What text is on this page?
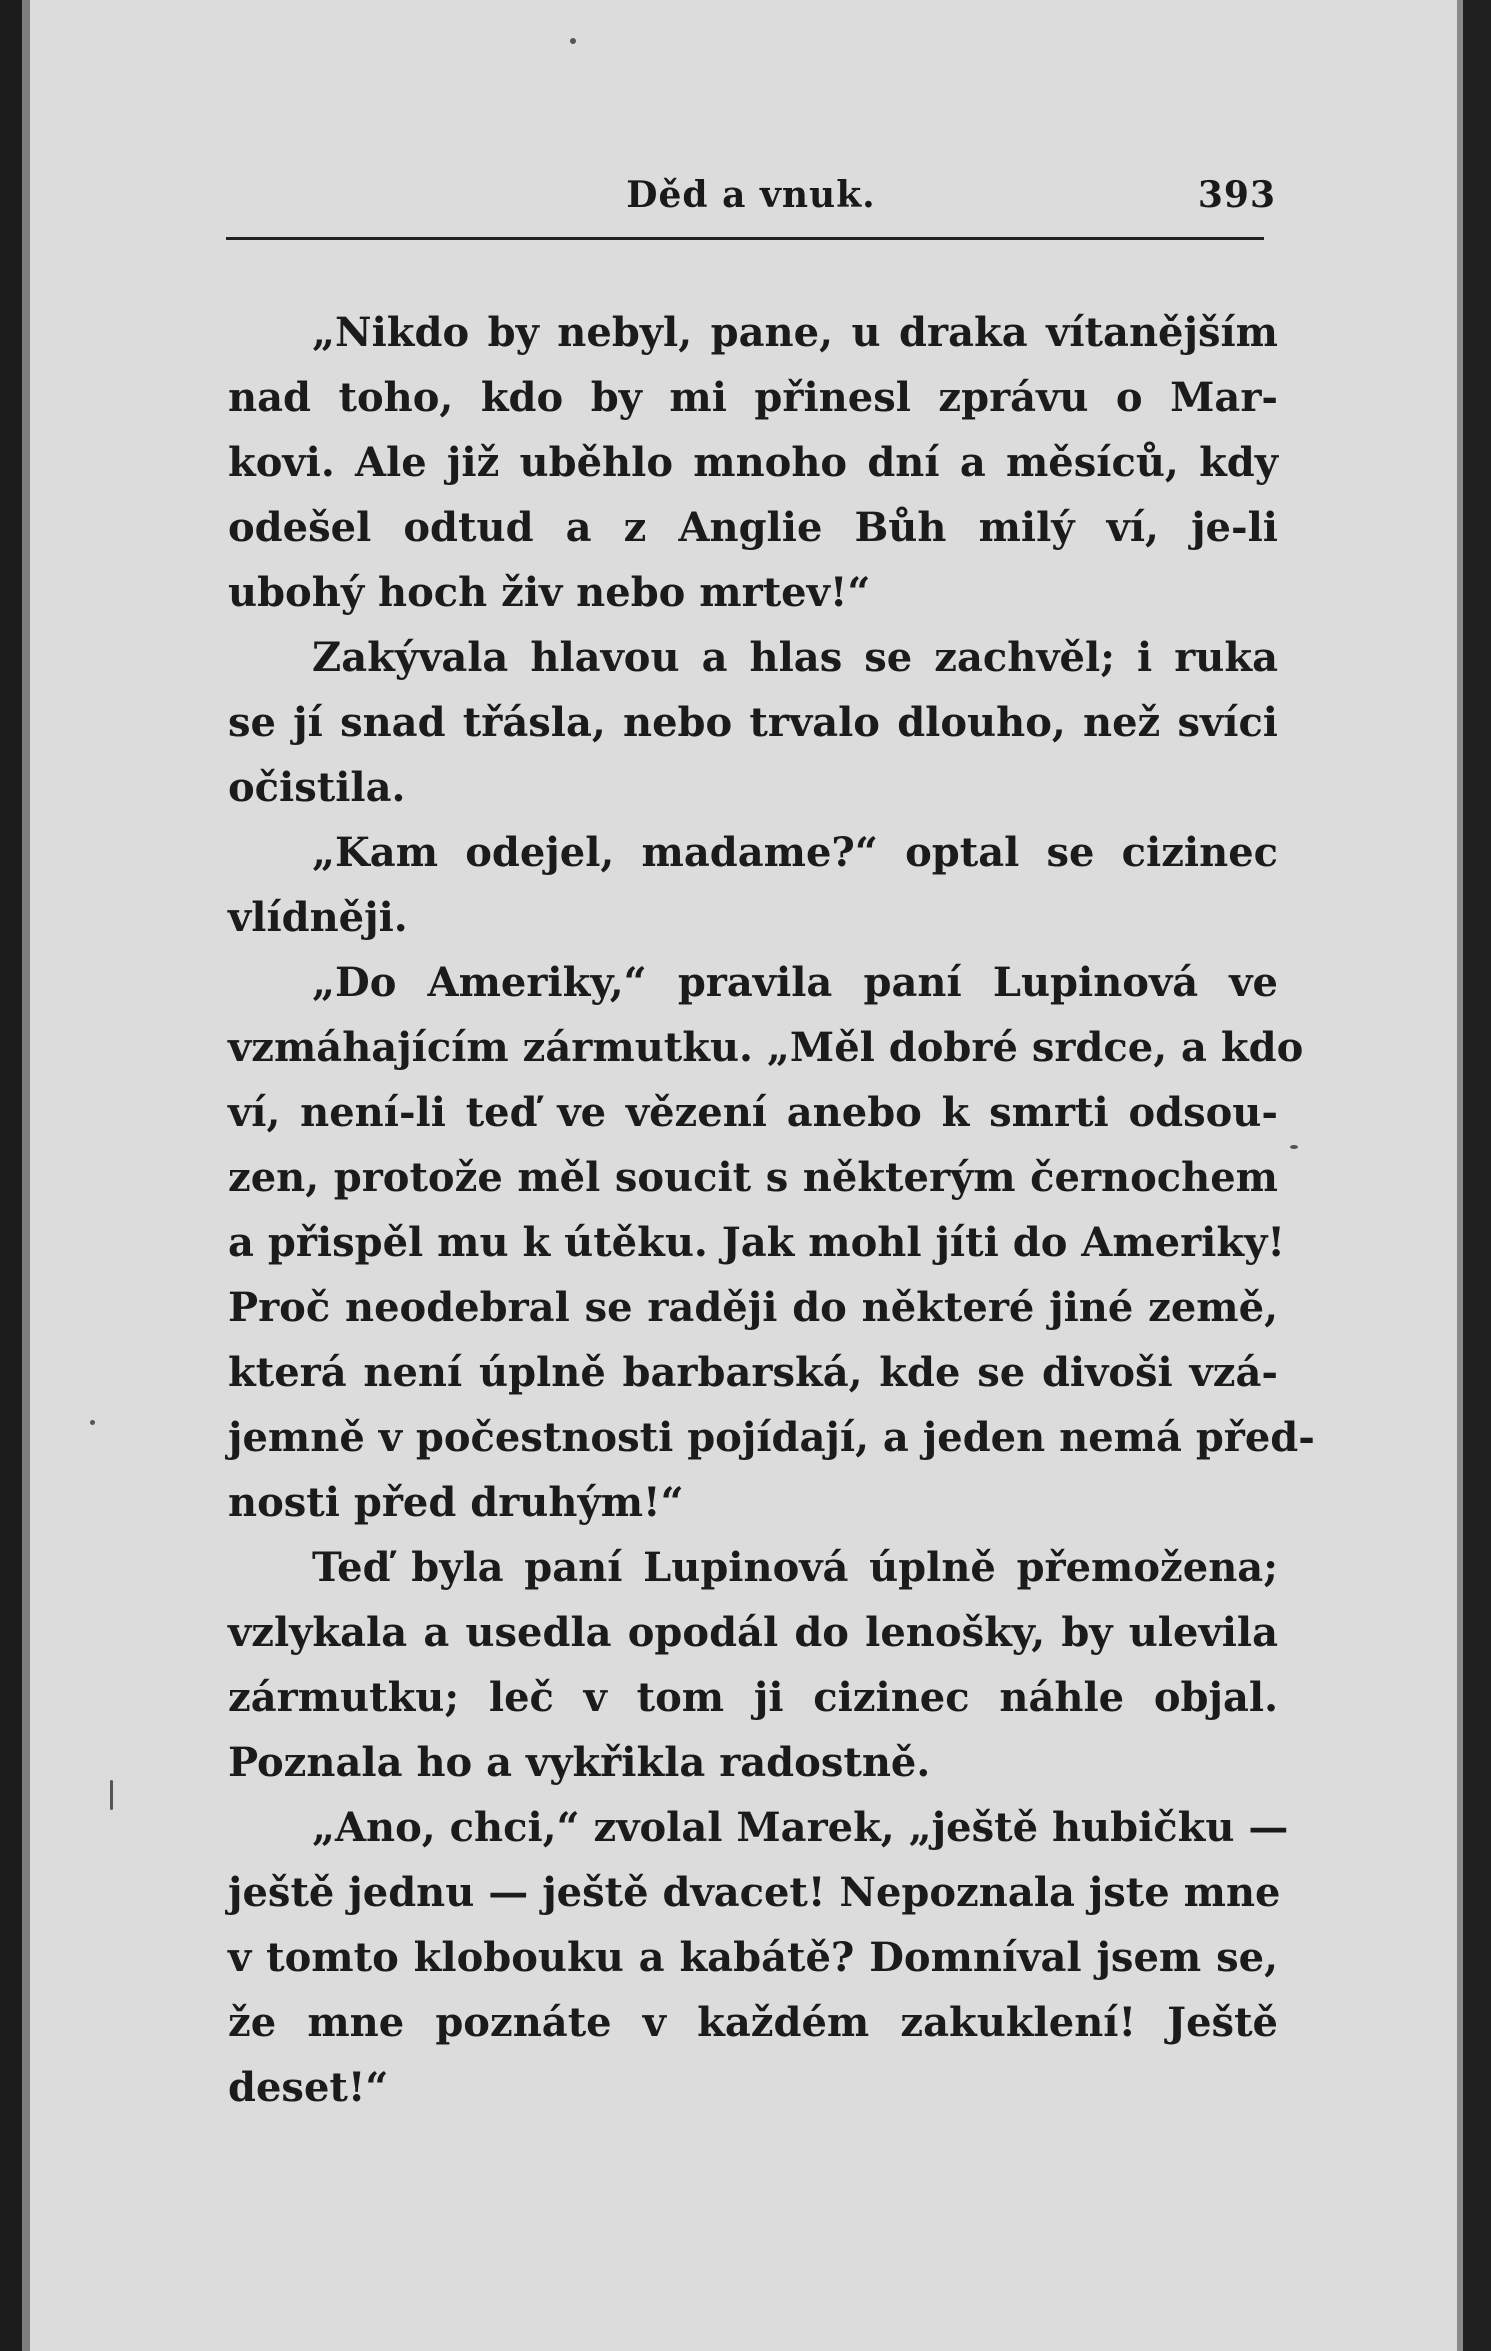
Děd a vnuk.	393
„Nikdo by nebyl, pane, u draka vítanějším
nad toho, kdo by mi přinesl zprávu o Mar-
kovi. Ale již uběhlo mnoho dní a měsíců, kdy
odešel odtud a z Anglie Bůh milý ví, je-li
ubohý hoch živ nebo mrtev!“
Zakývala hlavou a hlas se zachvěl; i ruka
se jí snad třásla, nebo trvalo dlouho, než svíci
očistila.
„Kam odejel, madame?“ optal se cizinec
vlídněji.
„Do Ameriky,“ pravila paní Lupinová ve
vzmáhajícím zármutku. „Měl dobré srdce, a kdo
ví, není-li teď ve vězení anebo k smrti odsou-
zen, protože měl soucit s některým černochem
a přispěl mu k útěku. Jak mohl jíti do Ameriky!
Proč neodebral se raději do některé jiné země,
která není úplně barbarská, kde se divoši vzá-
jemně v počestnosti pojídají, a jeden nemá před-
nosti před druhým!“
Teď byla paní Lupinová úplně přemožena;
vzlykala a usedla opodál do lenošky, by ulevila
zármutku; leč v tom ji cizinec náhle objal.
Poznala ho a vykřikla radostně.
„Ano, chci,“ zvolal Marek, „ještě hubičku —
ještě jednu — ještě dvacet! Nepoznala jste mne
v tomto klobouku a kabátě? Domníval jsem se,
že mne poznáte v každém zakuklení! Ještě
deset!“
